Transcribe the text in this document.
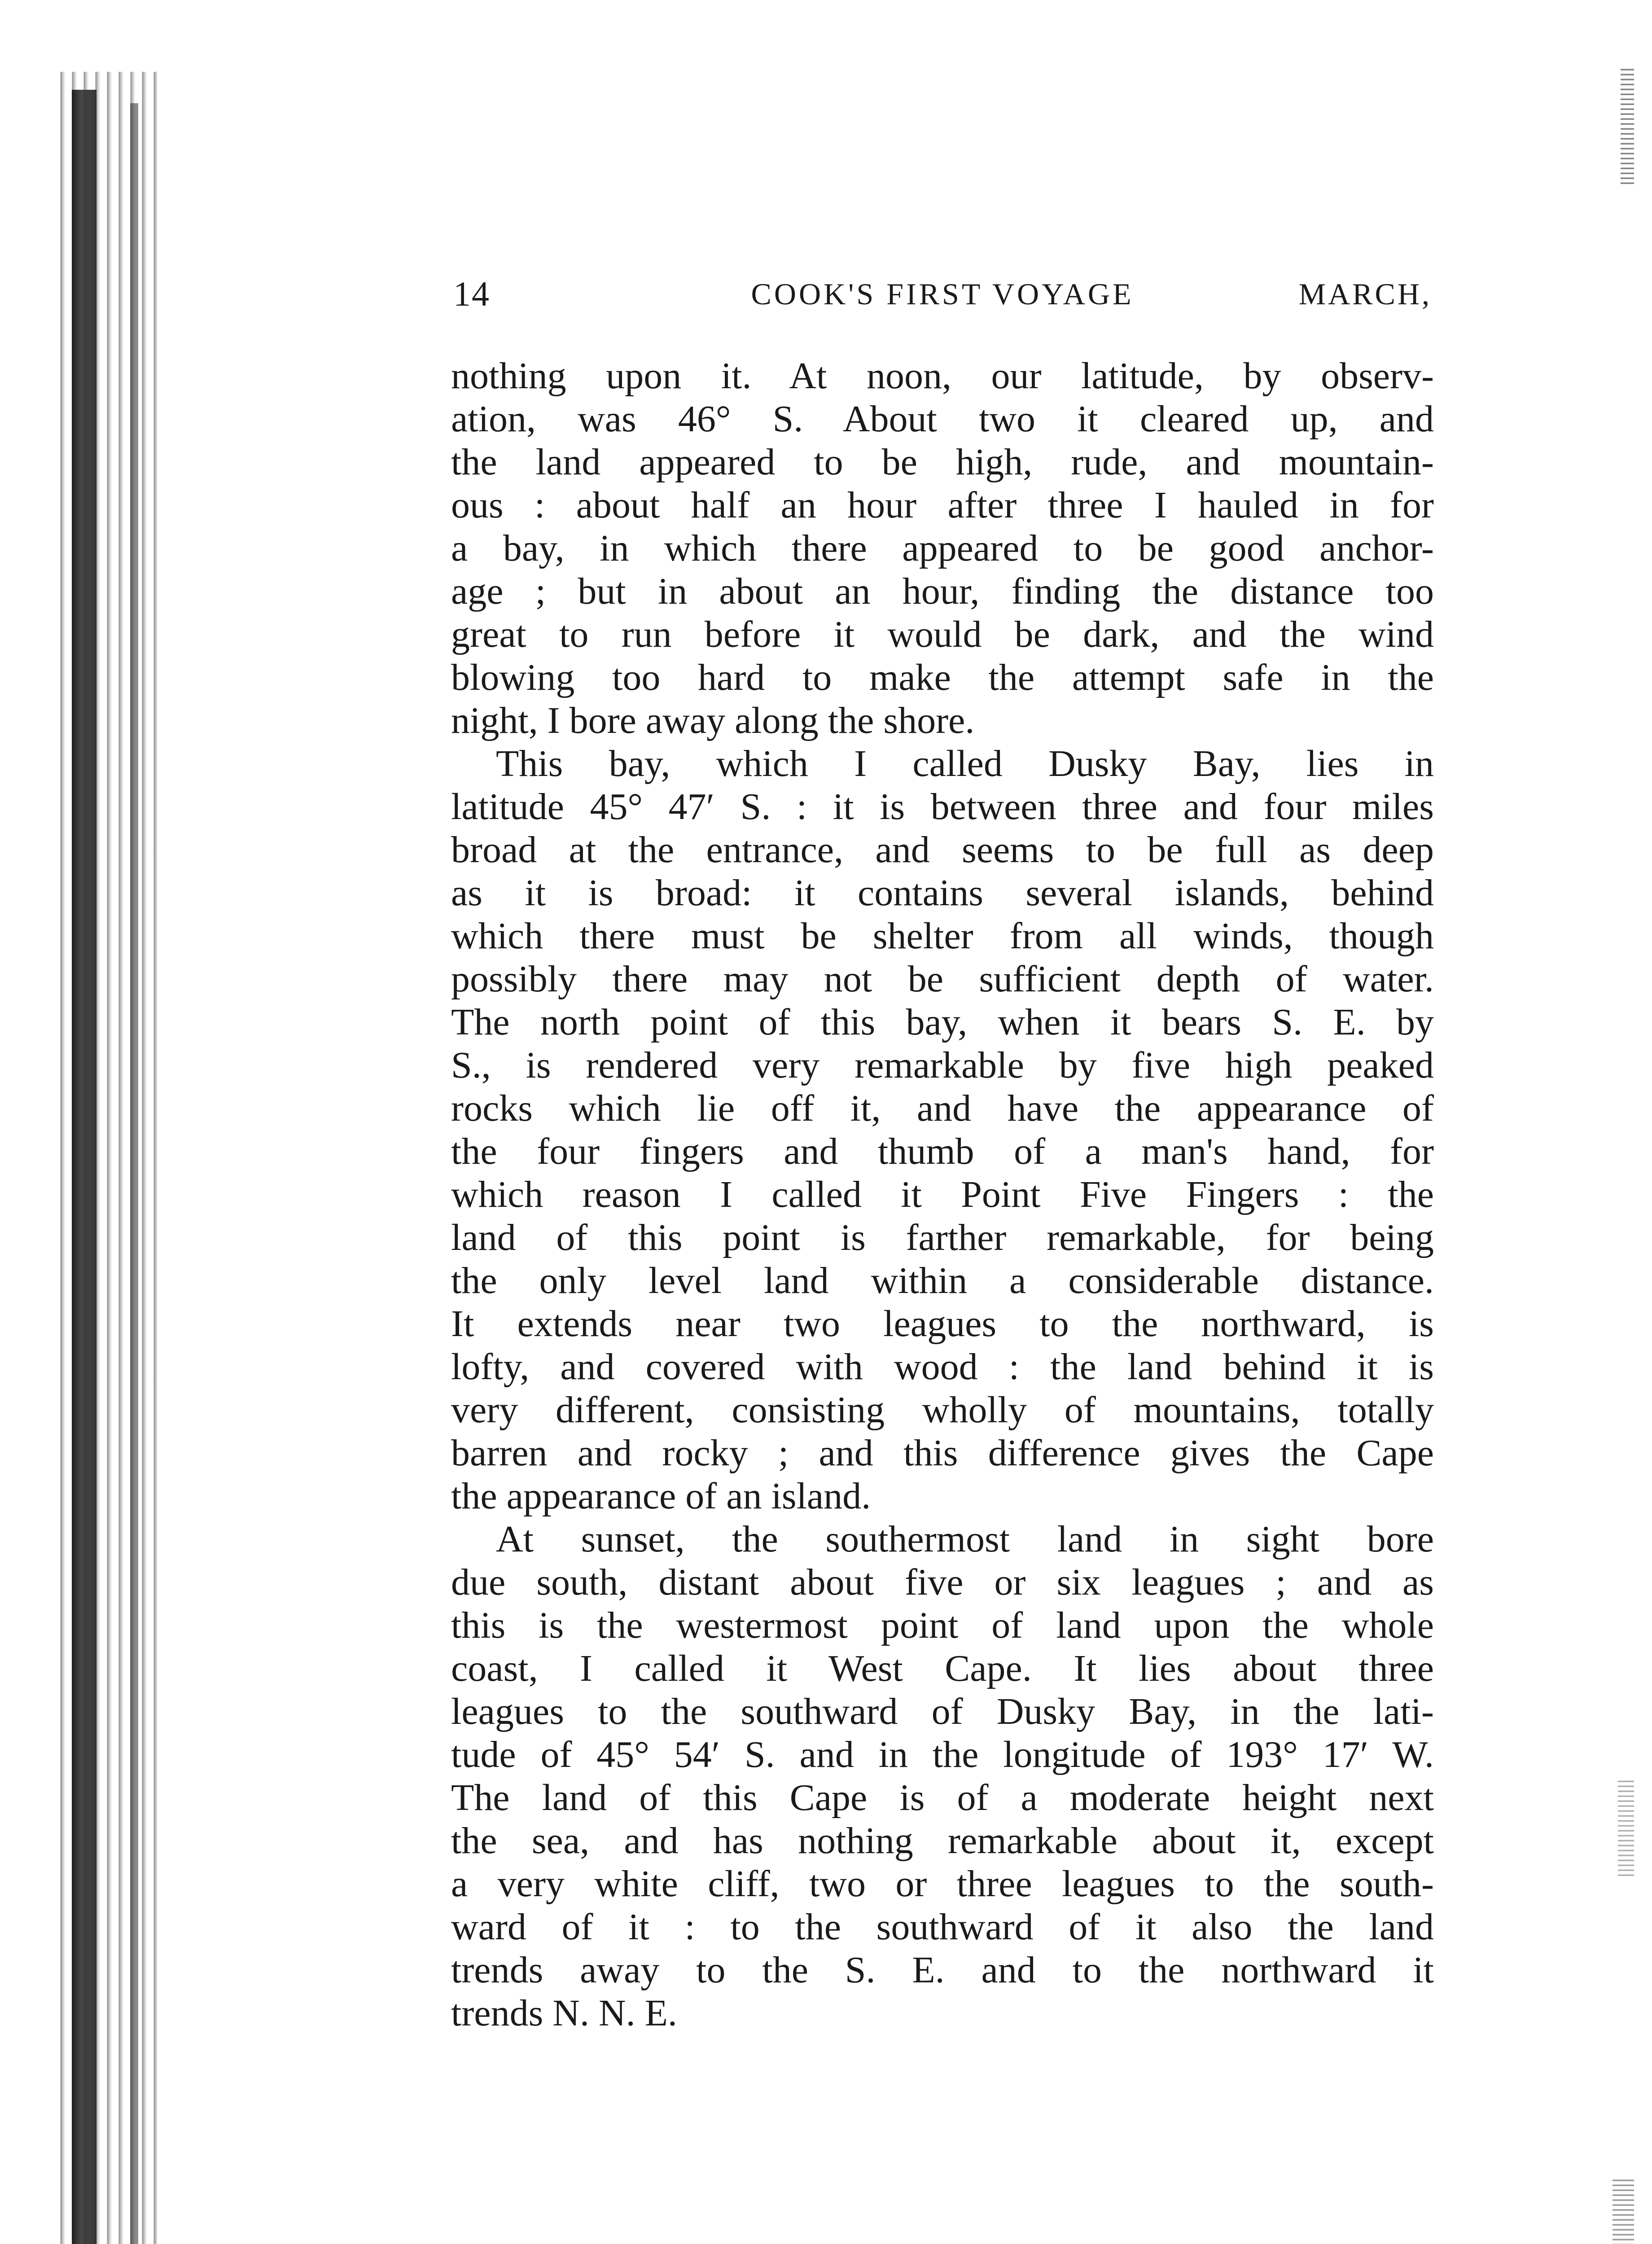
14	COOK'S FIRST VOYAGE	MARCH,
nothing upon it. At noon, our latitude, by observ-
ation, was 46° S. About two it cleared up, and
the land appeared to be high, rude, and mountain-
ous : about half an hour after three I hauled in for
a bay, in which there appeared to be good anchor-
age ; but in about an hour, finding the distance too
great to run before it would be dark, and the wind
blowing too hard to make the attempt safe in the
night, I bore away along the shore.
This bay, which I called Dusky Bay, lies in
latitude 45° 47′ S. : it is between three and four miles
broad at the entrance, and seems to be full as deep
as it is broad: it contains several islands, behind
which there must be shelter from all winds, though
possibly there may not be sufficient depth of water.
The north point of this bay, when it bears S. E. by
S., is rendered very remarkable by five high peaked
rocks which lie off it, and have the appearance of
the four fingers and thumb of a man's hand, for
which reason I called it Point Five Fingers : the
land of this point is farther remarkable, for being
the only level land within a considerable distance.
It extends near two leagues to the northward, is
lofty, and covered with wood : the land behind it is
very different, consisting wholly of mountains, totally
barren and rocky ; and this difference gives the Cape
the appearance of an island.
At sunset, the southermost land in sight bore
due south, distant about five or six leagues ; and as
this is the westermost point of land upon the whole
coast, I called it West Cape. It lies about three
leagues to the southward of Dusky Bay, in the lati-
tude of 45° 54′ S. and in the longitude of 193° 17′ W.
The land of this Cape is of a moderate height next
the sea, and has nothing remarkable about it, except
a very white cliff, two or three leagues to the south-
ward of it : to the southward of it also the land
trends away to the S. E. and to the northward it
trends N. N. E.
